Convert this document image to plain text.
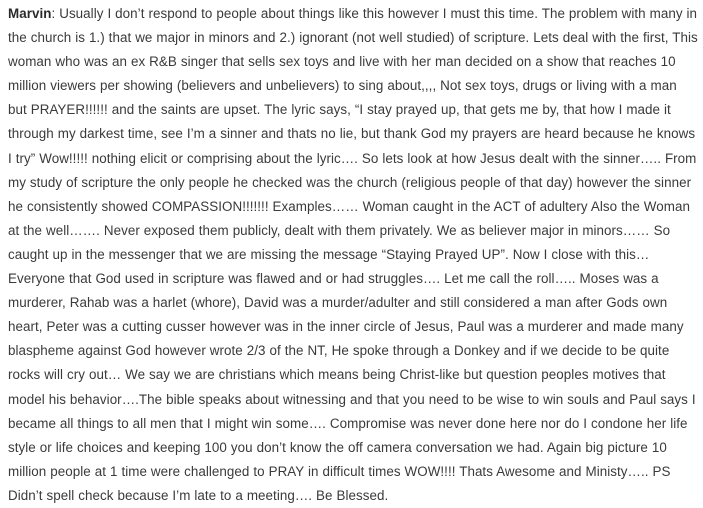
Marvin: Usually I don’t respond to people about things like this however I must this time. The problem with many in the church is 1.) that we major in minors and 2.) ignorant (not well studied) of scripture. Lets deal with the first, This woman who was an ex R&B singer that sells sex toys and live with her man decided on a show that reaches 10 million viewers per showing (believers and unbelievers) to sing about,,,, Not sex toys, drugs or living with a man but PRAYER!!!!!! and the saints are upset. The lyric says, “I stay prayed up, that gets me by, that how I made it through my darkest time, see I’m a sinner and thats no lie, but thank God my prayers are heard because he knows I try” Wow!!!!! nothing elicit or comprising about the lyric…. So lets look at how Jesus dealt with the sinner….. From my study of scripture the only people he checked was the church (religious people of that day) however the sinner he consistently showed COMPASSION!!!!!!! Examples…… Woman caught in the ACT of adultery Also the Woman at the well……. Never exposed them publicly, dealt with them privately. We as believer major in minors…… So caught up in the messenger that we are missing the message “Staying Prayed UP”. Now I close with this…Everyone that God used in scripture was flawed and or had struggles…. Let me call the roll….. Moses was a murderer, Rahab was a harlet (whore), David was a murder/adulter and still considered a man after Gods own heart, Peter was a cutting cusser however was in the inner circle of Jesus, Paul was a murderer and made many blaspheme against God however wrote 2/3 of the NT, He spoke through a Donkey and if we decide to be quite rocks will cry out… We say we are christians which means being Christ-like but question peoples motives that model his behavior….The bible speaks about witnessing and that you need to be wise to win souls and Paul says I became all things to all men that I might win some…. Compromise was never done here nor do I condone her life style or life choices and keeping 100 you don’t know the off camera conversation we had. Again big picture 10 million people at 1 time were challenged to PRAY in difficult times WOW!!!! Thats Awesome and Ministy….. PS Didn’t spell check because I’m late to a meeting…. Be Blessed.
